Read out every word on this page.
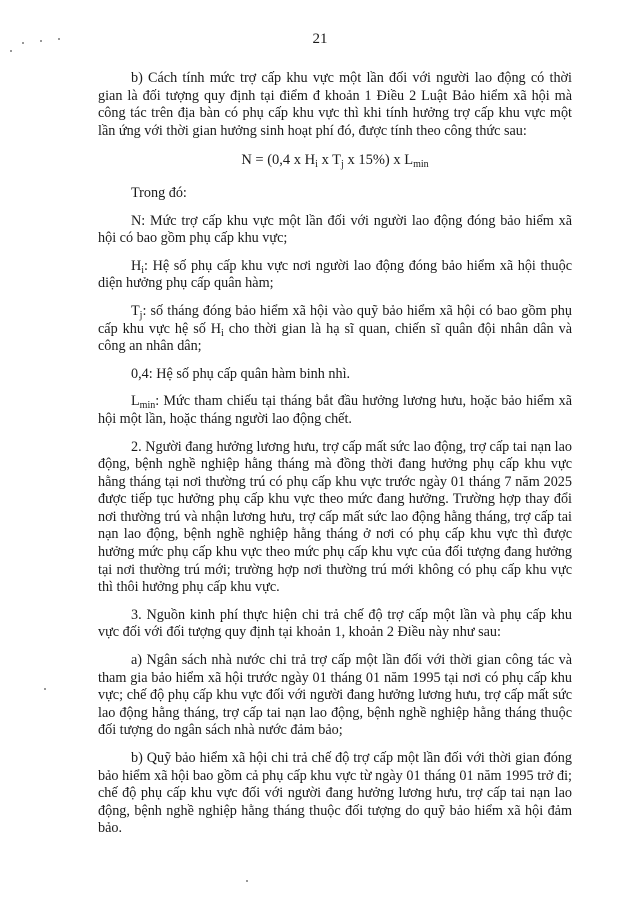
21

b) Cách tính mức trợ cấp khu vực một lần đối với người lao động có thời gian là đối tượng quy định tại điểm đ khoản 1 Điều 2 Luật Bảo hiểm xã hội mà công tác trên địa bàn có phụ cấp khu vực thì khi tính hưởng trợ cấp khu vực một lần ứng với thời gian hưởng sinh hoạt phí đó, được tính theo công thức sau:

N = (0,4 x $H_i$ x $T_j$ x 15%) x $L_{min}$

Trong đó:

N: Mức trợ cấp khu vực một lần đối với người lao động đóng bảo hiểm xã hội có bao gồm phụ cấp khu vực;

$H_i$: Hệ số phụ cấp khu vực nơi người lao động đóng bảo hiểm xã hội thuộc diện hưởng phụ cấp quân hàm;

$T_j$: số tháng đóng bảo hiểm xã hội vào quỹ bảo hiểm xã hội có bao gồm phụ cấp khu vực hệ số $H_i$ cho thời gian là hạ sĩ quan, chiến sĩ quân đội nhân dân và công an nhân dân;

0,4: Hệ số phụ cấp quân hàm binh nhì.

$L_{min}$: Mức tham chiếu tại tháng bắt đầu hưởng lương hưu, hoặc bảo hiểm xã hội một lần, hoặc tháng người lao động chết.

2. Người đang hưởng lương hưu, trợ cấp mất sức lao động, trợ cấp tai nạn lao động, bệnh nghề nghiệp hằng tháng mà đồng thời đang hưởng phụ cấp khu vực hằng tháng tại nơi thường trú có phụ cấp khu vực trước ngày 01 tháng 7 năm 2025 được tiếp tục hưởng phụ cấp khu vực theo mức đang hưởng. Trường hợp thay đổi nơi thường trú và nhận lương hưu, trợ cấp mất sức lao động hằng tháng, trợ cấp tai nạn lao động, bệnh nghề nghiệp hằng tháng ở nơi có phụ cấp khu vực thì được hưởng mức phụ cấp khu vực theo mức phụ cấp khu vực của đối tượng đang hưởng tại nơi thường trú mới; trường hợp nơi thường trú mới không có phụ cấp khu vực thì thôi hưởng phụ cấp khu vực.

3. Nguồn kinh phí thực hiện chi trả chế độ trợ cấp một lần và phụ cấp khu vực đối với đối tượng quy định tại khoản 1, khoản 2 Điều này như sau:

a) Ngân sách nhà nước chi trả trợ cấp một lần đối với thời gian công tác và tham gia bảo hiểm xã hội trước ngày 01 tháng 01 năm 1995 tại nơi có phụ cấp khu vực; chế độ phụ cấp khu vực đối với người đang hưởng lương hưu, trợ cấp mất sức lao động hằng tháng, trợ cấp tai nạn lao động, bệnh nghề nghiệp hằng tháng thuộc đối tượng do ngân sách nhà nước đảm bảo;

b) Quỹ bảo hiểm xã hội chi trả chế độ trợ cấp một lần đối với thời gian đóng bảo hiểm xã hội bao gồm cả phụ cấp khu vực từ ngày 01 tháng 01 năm 1995 trở đi; chế độ phụ cấp khu vực đối với người đang hưởng lương hưu, trợ cấp tai nạn lao động, bệnh nghề nghiệp hằng tháng thuộc đối tượng do quỹ bảo hiểm xã hội đảm bảo.
